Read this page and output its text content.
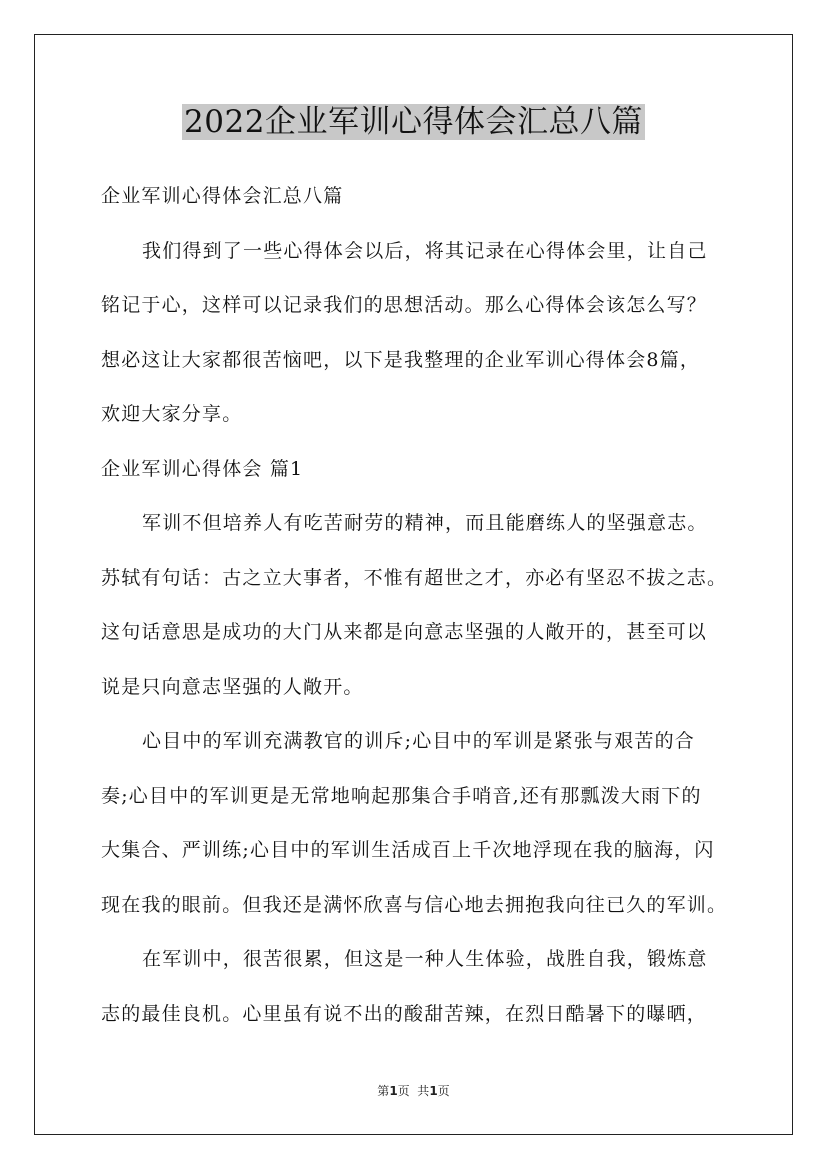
2022企业军训心得体会汇总八篇
企业军训心得体会汇总八篇
我们得到了一些心得体会以后，将其记录在心得体会里，让自己
铭记于心，这样可以记录我们的思想活动。那么心得体会该怎么写？
想必这让大家都很苦恼吧，以下是我整理的企业军训心得体会8篇，
欢迎大家分享。
企业军训心得体会 篇1
军训不但培养人有吃苦耐劳的精神，而且能磨练人的坚强意志。
苏轼有句话：古之立大事者，不惟有超世之才，亦必有坚忍不拔之志。
这句话意思是成功的大门从来都是向意志坚强的人敞开的，甚至可以
说是只向意志坚强的人敞开。
心目中的军训充满教官的训斥;心目中的军训是紧张与艰苦的合
奏;心目中的军训更是无常地响起那集合手哨音,还有那瓢泼大雨下的
大集合、严训练;心目中的军训生活成百上千次地浮现在我的脑海，闪
现在我的眼前。但我还是满怀欣喜与信心地去拥抱我向往已久的军训。
在军训中，很苦很累，但这是一种人生体验，战胜自我，锻炼意
志的最佳良机。心里虽有说不出的酸甜苦辣，在烈日酷暑下的曝晒，
第1页  共1页
